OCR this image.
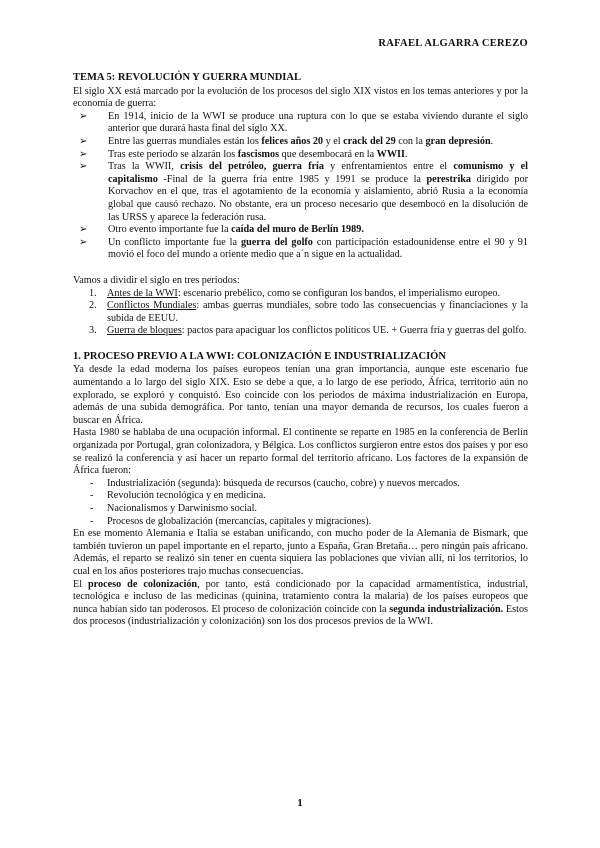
RAFAEL ALGARRA CEREZO

TEMA 5: REVOLUCIÓN Y GUERRA MUNDIAL

El siglo XX está marcado por la evolución de los procesos del siglo XIX vistos en los temas anteriores y por la economía de guerra:

➢ En 1914, inicio de la WWI se produce una ruptura con lo que se estaba viviendo durante el siglo anterior que durará hasta final del siglo XX.
➢ Entre las guerras mundiales están los felices años 20 y el crack del 29 con la gran depresión.
➢ Tras este periodo se alzarán los fascismos que desembocará en la WWII.
➢ Tras la WWII, crisis del petróleo, guerra fría y enfrentamientos entre el comunismo y el capitalismo -Final de la guerra fría entre 1985 y 1991 se produce la perestrika dirigido por Korvachov en el que, tras el agotamiento de la economía y aislamiento, abrió Rusia a la economía global que causó rechazo. No obstante, era un proceso necesario que desembocó en la disolución de las URSS y aparece la federación rusa.
➢ Otro evento importante fue la caída del muro de Berlín 1989.
➢ Un conflicto importante fue la guerra del golfo con participación estadounidense entre el 90 y 91 movió el foco del mundo a oriente medio que a´n sigue en la actualidad.

Vamos a dividir el siglo en tres periodos:

1. Antes de la WWI: escenario prebélico, como se configuran los bandos, el imperialismo europeo.
2. Conflictos Mundiales: ambas guerras mundiales, sobre todo las consecuencias y financiaciones y la subida de EEUU.
3. Guerra de bloques: pactos para apaciguar los conflictos políticos UE. + Guerra fría y guerras del golfo.

1. PROCESO PREVIO A LA WWI: COLONIZACIÓN E INDUSTRIALIZACIÓN

Ya desde la edad moderna los países europeos tenían una gran importancia, aunque este escenario fue aumentando a lo largo del siglo XIX. Esto se debe a que, a lo largo de ese periodo, África, territorio aún no explorado, se exploró y conquistó. Eso coincide con los periodos de máxima industrialización en Europa, además de una subida demográfica. Por tanto, tenían una mayor demanda de recursos, los cuales fueron a buscar en África.

Hasta 1980 se hablaba de una ocupación informal. El continente se reparte en 1985 en la conferencia de Berlín organizada por Portugal, gran colonizadora, y Bélgica. Los conflictos surgieron entre estos dos países y por eso se realizó la conferencia y así hacer un reparto formal del territorio africano. Los factores de la expansión de África fueron:

- Industrialización (segunda): búsqueda de recursos (caucho, cobre) y nuevos mercados.
- Revolución tecnológica y en medicina.
- Nacionalismos y Darwinismo social.
- Procesos de globalización (mercancías, capitales y migraciones).

En ese momento Alemania e Italia se estaban unificando, con mucho poder de la Alemania de Bismark, que también tuvieron un papel importante en el reparto, junto a España, Gran Bretaña… pero ningún país africano. Además, el reparto se realizó sin tener en cuenta siquiera las poblaciones que vivían allí, ni los territorios, lo cual en los años posteriores trajo muchas consecuencias.

El proceso de colonización, por tanto, está condicionado por la capacidad armamentística, industrial, tecnológica e incluso de las medicinas (quinina, tratamiento contra la malaria) de los países europeos que nunca habían sido tan poderosos. El proceso de colonización coincide con la segunda industrialización. Estos dos procesos (industrialización y colonización) son los dos procesos previos de la WWI.

1
